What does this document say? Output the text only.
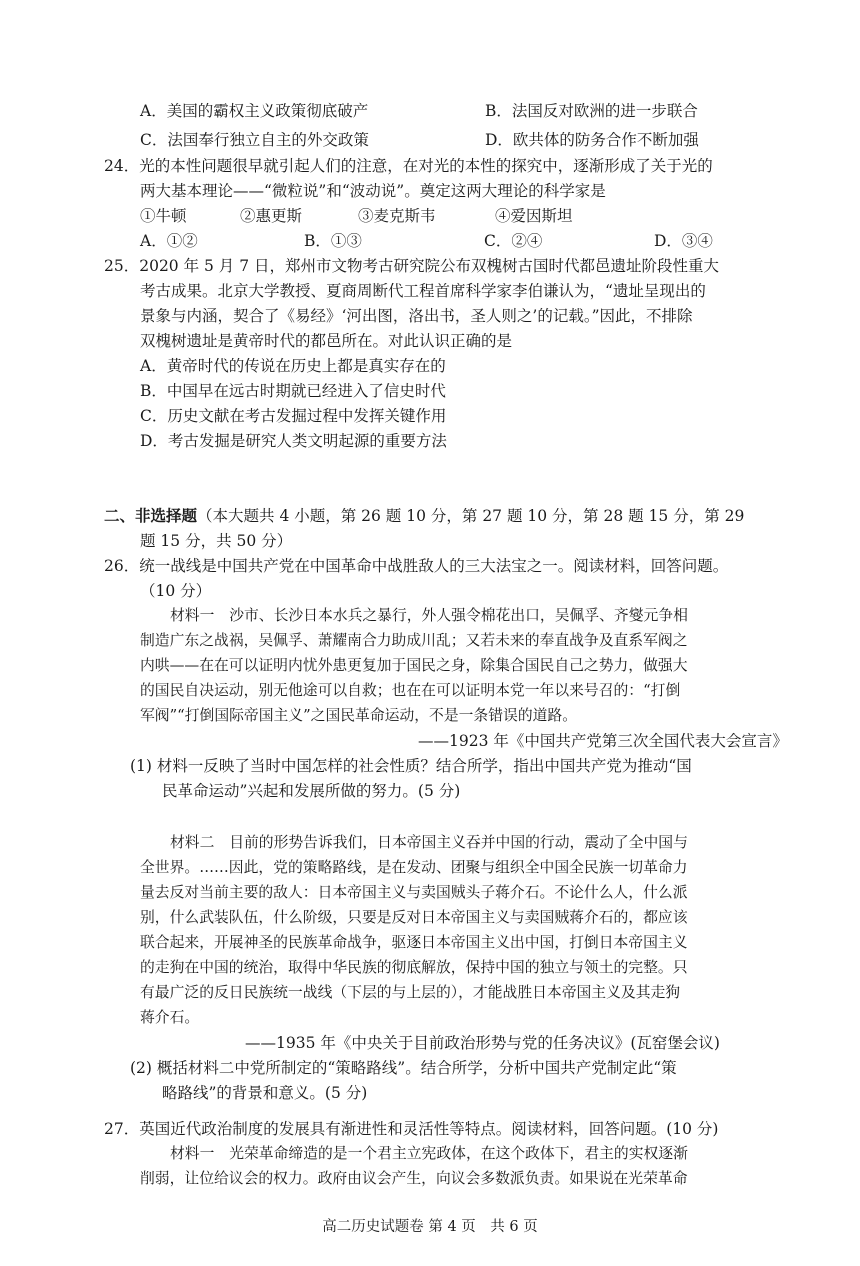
A．美国的霸权主义政策彻底破产	B．法国反对欧洲的进一步联合
C．法国奉行独立自主的外交政策	D．欧共体的防务合作不断加强
24．光的本性问题很早就引起人们的注意，在对光的本性的探究中，逐渐形成了关于光的
两大基本理论——“微粒说”和“波动说”。奠定这两大理论的科学家是
①牛顿	②惠更斯	③麦克斯韦	④爱因斯坦
A．①②	B．①③	C．②④	D．③④
25．2020 年 5 月 7 日，郑州市文物考古研究院公布双槐树古国时代都邑遗址阶段性重大
考古成果。北京大学教授、夏商周断代工程首席科学家李伯谦认为，“遗址呈现出的
景象与内涵，契合了《易经》‘河出图，洛出书，圣人则之’的记载。”因此，不排除
双槐树遗址是黄帝时代的都邑所在。对此认识正确的是
A．黄帝时代的传说在历史上都是真实存在的
B．中国早在远古时期就已经进入了信史时代
C．历史文献在考古发掘过程中发挥关键作用
D．考古发掘是研究人类文明起源的重要方法
二、非选择题（本大题共 4 小题，第 26 题 10 分，第 27 题 10 分，第 28 题 15 分，第 29
题 15 分，共 50 分）
26．统一战线是中国共产党在中国革命中战胜敌人的三大法宝之一。阅读材料，回答问题。
（10 分）
材料一　沙市、长沙日本水兵之暴行，外人强令棉花出口，吴佩孚、齐燮元争相
制造广东之战祸，吴佩孚、萧耀南合力助成川乱；又若未来的奉直战争及直系军阀之
内哄——在在可以证明内忧外患更复加于国民之身，除集合国民自己之势力，做强大
的国民自决运动，别无他途可以自救；也在在可以证明本党一年以来号召的：“打倒
军阀”“打倒国际帝国主义”之国民革命运动，不是一条错误的道路。
——1923 年《中国共产党第三次全国代表大会宣言》
(1) 材料一反映了当时中国怎样的社会性质？结合所学，指出中国共产党为推动“国
民革命运动”兴起和发展所做的努力。(5 分)
材料二　目前的形势告诉我们，日本帝国主义吞并中国的行动，震动了全中国与
全世界。……因此，党的策略路线，是在发动、团聚与组织全中国全民族一切革命力
量去反对当前主要的敌人：日本帝国主义与卖国贼头子蒋介石。不论什么人，什么派
别，什么武装队伍，什么阶级，只要是反对日本帝国主义与卖国贼蒋介石的，都应该
联合起来，开展神圣的民族革命战争，驱逐日本帝国主义出中国，打倒日本帝国主义
的走狗在中国的统治，取得中华民族的彻底解放，保持中国的独立与领土的完整。只
有最广泛的反日民族统一战线（下层的与上层的），才能战胜日本帝国主义及其走狗
蒋介石。
——1935 年《中央关于目前政治形势与党的任务决议》(瓦窑堡会议)
(2) 概括材料二中党所制定的“策略路线”。结合所学，分析中国共产党制定此“策
略路线”的背景和意义。(5 分)
27．英国近代政治制度的发展具有渐进性和灵活性等特点。阅读材料，回答问题。(10 分)
材料一　光荣革命缔造的是一个君主立宪政体，在这个政体下，君主的实权逐渐
削弱，让位给议会的权力。政府由议会产生，向议会多数派负责。如果说在光荣革命
高二历史试题卷 第 4 页　共 6 页
